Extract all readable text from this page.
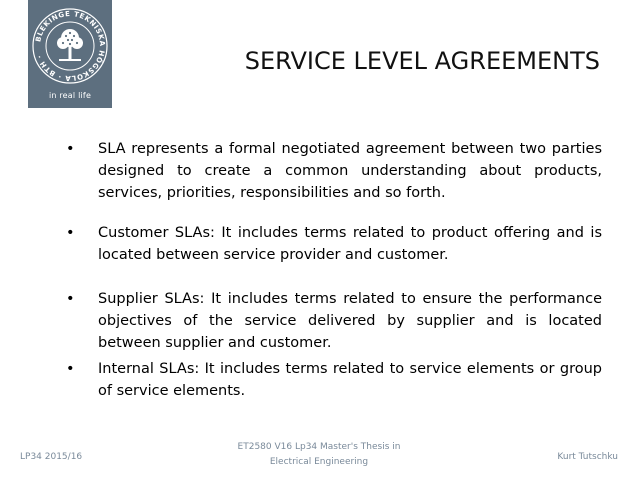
BLEKINGE TEKNISKA HÖGSKOLA · BTH ·
in real life
SERVICE LEVEL AGREEMENTS
• SLA represents a formal negotiated agreement between two parties designed to create a common understanding about products, services, priorities, responsibilities and so forth.
• Customer SLAs: It includes terms related to product offering and is located between service provider and customer.
• Supplier SLAs: It includes terms related to ensure the performance objectives of the service delivered by supplier and is located between supplier and customer.
• Internal SLAs: It includes terms related to service elements or group of service elements.
LP34 2015/16
ET2580 V16 Lp34 Master's Thesis in
Electrical Engineering	Kurt Tutschku
